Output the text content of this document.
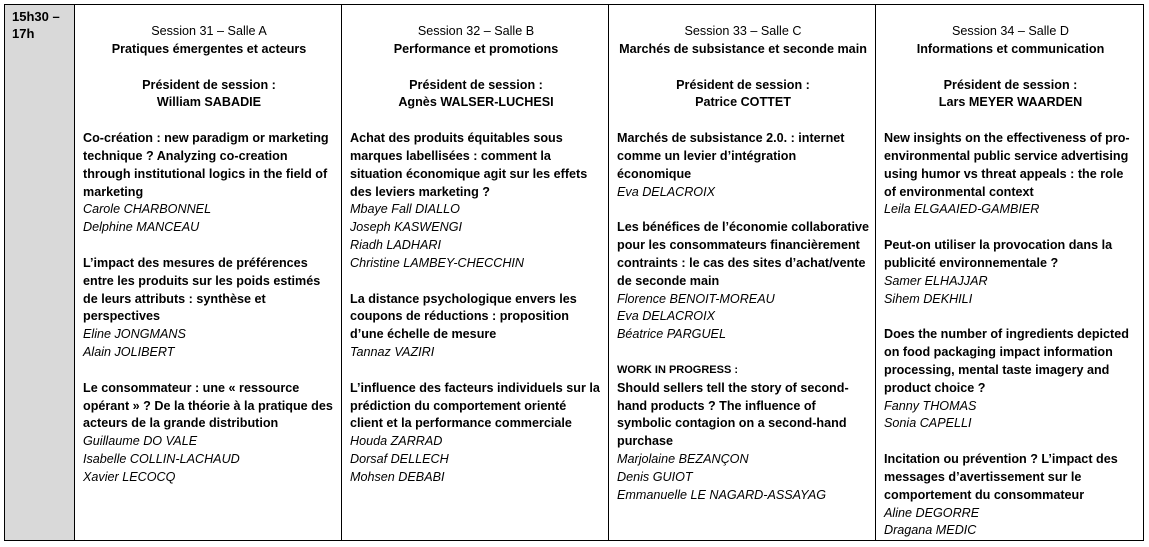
15h30 –
17h	Session 31 – Salle A
Pratiques émergentes et acteurs
Président de session :
William SABADIE
Co-création : new paradigm or marketing technique ? Analyzing co-creation through institutional logics in the field of marketing
Carole CHARBONNEL
Delphine MANCEAU
L’impact des mesures de préférences entre les produits sur les poids estimés de leurs attributs : synthèse et perspectives
Eline JONGMANS
Alain JOLIBERT
Le consommateur : une « ressource opérant » ? De la théorie à la pratique des acteurs de la grande distribution
Guillaume DO VALE
Isabelle COLLIN-LACHAUD
Xavier LECOCQ
Session 32 – Salle B
Performance et promotions
Président de session :
Agnès WALSER-LUCHESI
Achat des produits équitables sous marques labellisées : comment la situation économique agit sur les effets des leviers marketing ?
Mbaye Fall DIALLO
Joseph KASWENGI
Riadh LADHARI
Christine LAMBEY-CHECCHIN
La distance psychologique envers les coupons de réductions : proposition d’une échelle de mesure
Tannaz VAZIRI
L’influence des facteurs individuels sur la prédiction du comportement orienté client et la performance commerciale
Houda ZARRAD
Dorsaf DELLECH
Mohsen DEBABI
Session 33 – Salle C
Marchés de subsistance et seconde main
Président de session :
Patrice COTTET
Marchés de subsistance 2.0. : internet comme un levier d’intégration économique
Eva DELACROIX
Les bénéfices de l’économie collaborative pour les consommateurs financièrement contraints : le cas des sites d’achat/vente de seconde main
Florence BENOIT-MOREAU
Eva DELACROIX
Béatrice PARGUEL
WORK IN PROGRESS :
Should sellers tell the story of second-hand products ? The influence of symbolic contagion on a second-hand purchase
Marjolaine BEZANÇON
Denis GUIOT
Emmanuelle LE NAGARD-ASSAYAG
Session 34 – Salle D
Informations et communication
Président de session :
Lars MEYER WAARDEN
New insights on the effectiveness of pro-environmental public service advertising using humor vs threat appeals : the role of environmental context
Leila ELGAAIED-GAMBIER
Peut-on utiliser la provocation dans la publicité environnementale ?
Samer ELHAJJAR
Sihem DEKHILI
Does the number of ingredients depicted on food packaging impact information processing, mental taste imagery and product choice ?
Fanny THOMAS
Sonia CAPELLI
Incitation ou prévention ? L’impact des messages d’avertissement sur le comportement du consommateur
Aline DEGORRE
Dragana MEDIC
